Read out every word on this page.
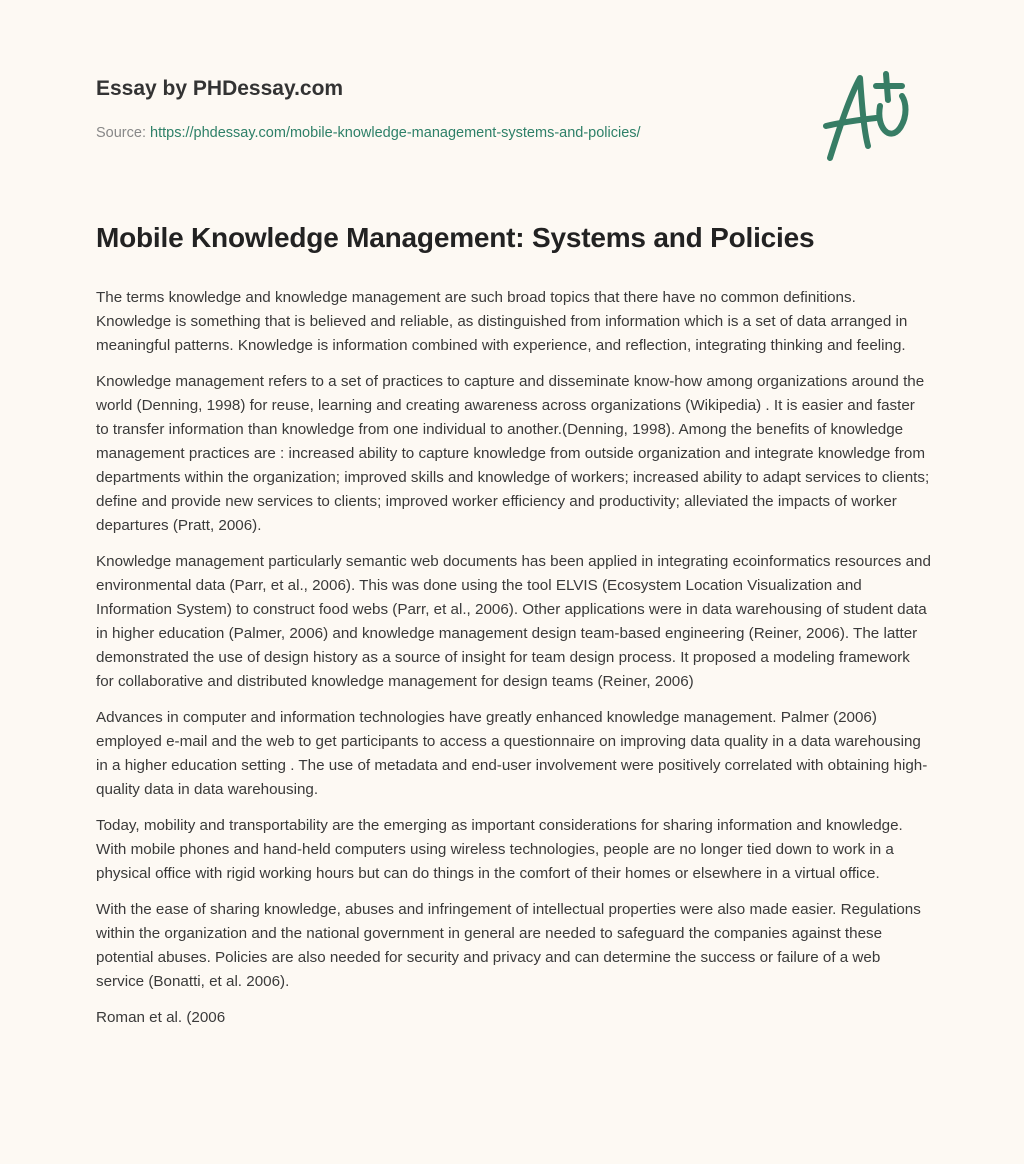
Essay by PHDessay.com
Source: https://phdessay.com/mobile-knowledge-management-systems-and-policies/
Mobile Knowledge Management: Systems and Policies

The terms knowledge and knowledge management are such broad topics that there have no common definitions. Knowledge is something that is believed and reliable, as distinguished from information which is a set of data arranged in meaningful patterns. Knowledge is information combined with experience, and reflection, integrating thinking and feeling.

Knowledge management refers to a set of practices to capture and disseminate know-how among organizations around the world (Denning, 1998) for reuse, learning and creating awareness across organizations (Wikipedia) . It is easier and faster to transfer information than knowledge from one individual to another.(Denning, 1998). Among the benefits of knowledge management practices are : increased ability to capture knowledge from outside organization and integrate knowledge from departments within the organization; improved skills and knowledge of workers; increased ability to adapt services to clients; define and provide new services to clients; improved worker efficiency and productivity; alleviated the impacts of worker departures (Pratt, 2006).

Knowledge management particularly semantic web documents has been applied in integrating ecoinformatics resources and environmental data (Parr, et al., 2006). This was done using the tool ELVIS (Ecosystem Location Visualization and Information System) to construct food webs (Parr, et al., 2006). Other applications were in data warehousing of student data in higher education (Palmer, 2006) and knowledge management design team-based engineering (Reiner, 2006). The latter demonstrated the use of design history as a source of insight for team design process. It proposed a modeling framework for collaborative and distributed knowledge management for design teams (Reiner, 2006)

Advances in computer and information technologies have greatly enhanced knowledge management. Palmer (2006) employed e-mail and the web to get participants to access a questionnaire on improving data quality in a data warehousing in a higher education setting . The use of metadata and end-user involvement were positively correlated with obtaining high-quality data in data warehousing.

Today, mobility and transportability are the emerging as important considerations for sharing information and knowledge. With mobile phones and hand-held computers using wireless technologies, people are no longer tied down to work in a physical office with rigid working hours but can do things in the comfort of their homes or elsewhere in a virtual office.

With the ease of sharing knowledge, abuses and infringement of intellectual properties were also made easier. Regulations within the organization and the national government in general are needed to safeguard the companies against these potential abuses. Policies are also needed for security and privacy and can determine the success or failure of a web service (Bonatti, et al. 2006).

Roman et al. (2006
